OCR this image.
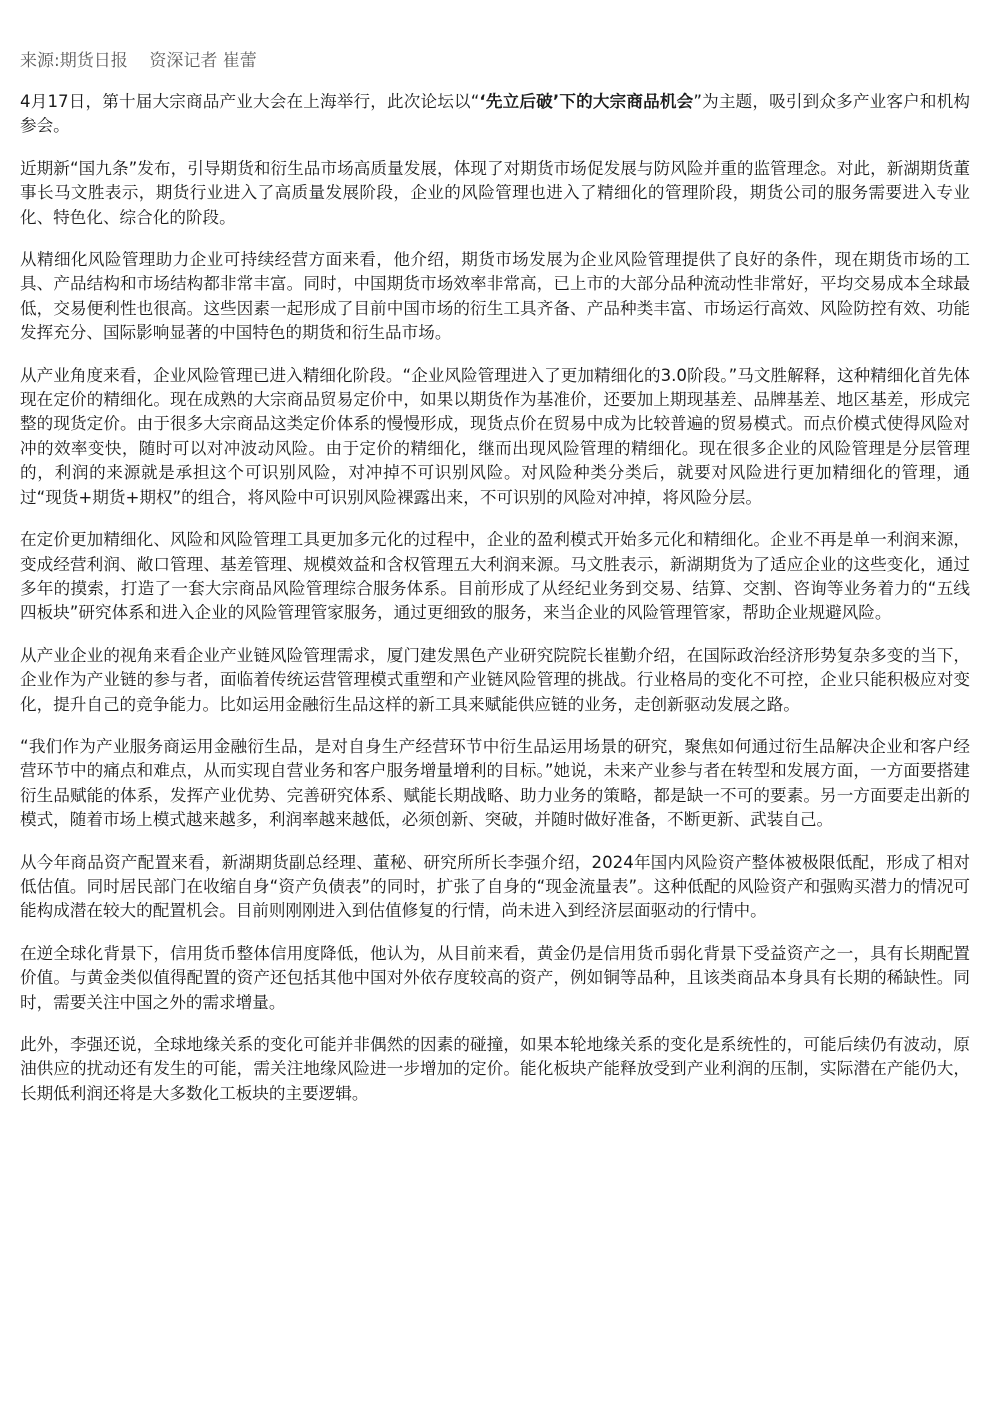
来源:期货日报    资深记者 崔蕾

4月17日，第十届大宗商品产业大会在上海举行，此次论坛以“‘先立后破’下的大宗商品机会”为主题，吸引到众多产业客户和机构参会。

近期新“国九条”发布，引导期货和衍生品市场高质量发展，体现了对期货市场促发展与防风险并重的监管理念。对此，新湖期货董事长马文胜表示，期货行业进入了高质量发展阶段，企业的风险管理也进入了精细化的管理阶段，期货公司的服务需要进入专业化、特色化、综合化的阶段。

从精细化风险管理助力企业可持续经营方面来看，他介绍，期货市场发展为企业风险管理提供了良好的条件，现在期货市场的工具、产品结构和市场结构都非常丰富。同时，中国期货市场效率非常高，已上市的大部分品种流动性非常好，平均交易成本全球最低，交易便利性也很高。这些因素一起形成了目前中国市场的衍生工具齐备、产品种类丰富、市场运行高效、风险防控有效、功能发挥充分、国际影响显著的中国特色的期货和衍生品市场。

从产业角度来看，企业风险管理已进入精细化阶段。“企业风险管理进入了更加精细化的3.0阶段。”马文胜解释，这种精细化首先体现在定价的精细化。现在成熟的大宗商品贸易定价中，如果以期货作为基准价，还要加上期现基差、品牌基差、地区基差，形成完整的现货定价。由于很多大宗商品这类定价体系的慢慢形成，现货点价在贸易中成为比较普遍的贸易模式。而点价模式使得风险对冲的效率变快，随时可以对冲波动风险。由于定价的精细化，继而出现风险管理的精细化。现在很多企业的风险管理是分层管理的，利润的来源就是承担这个可识别风险，对冲掉不可识别风险。对风险种类分类后，就要对风险进行更加精细化的管理，通过“现货+期货+期权”的组合，将风险中可识别风险裸露出来，不可识别的风险对冲掉，将风险分层。

在定价更加精细化、风险和风险管理工具更加多元化的过程中，企业的盈利模式开始多元化和精细化。企业不再是单一利润来源，变成经营利润、敞口管理、基差管理、规模效益和含权管理五大利润来源。马文胜表示，新湖期货为了适应企业的这些变化，通过多年的摸索，打造了一套大宗商品风险管理综合服务体系。目前形成了从经纪业务到交易、结算、交割、咨询等业务着力的“五线四板块”研究体系和进入企业的风险管理管家服务，通过更细致的服务，来当企业的风险管理管家，帮助企业规避风险。

从产业企业的视角来看企业产业链风险管理需求，厦门建发黑色产业研究院院长崔勤介绍，在国际政治经济形势复杂多变的当下，企业作为产业链的参与者，面临着传统运营管理模式重塑和产业链风险管理的挑战。行业格局的变化不可控，企业只能积极应对变化，提升自己的竞争能力。比如运用金融衍生品这样的新工具来赋能供应链的业务，走创新驱动发展之路。

“我们作为产业服务商运用金融衍生品，是对自身生产经营环节中衍生品运用场景的研究，聚焦如何通过衍生品解决企业和客户经营环节中的痛点和难点，从而实现自营业务和客户服务增量增利的目标。”她说，未来产业参与者在转型和发展方面，一方面要搭建衍生品赋能的体系，发挥产业优势、完善研究体系、赋能长期战略、助力业务的策略，都是缺一不可的要素。另一方面要走出新的模式，随着市场上模式越来越多，利润率越来越低，必须创新、突破，并随时做好准备，不断更新、武装自己。

从今年商品资产配置来看，新湖期货副总经理、董秘、研究所所长李强介绍，2024年国内风险资产整体被极限低配，形成了相对低估值。同时居民部门在收缩自身“资产负债表”的同时，扩张了自身的“现金流量表”。这种低配的风险资产和强购买潜力的情况可能构成潜在较大的配置机会。目前则刚刚进入到估值修复的行情，尚未进入到经济层面驱动的行情中。

在逆全球化背景下，信用货币整体信用度降低，他认为，从目前来看，黄金仍是信用货币弱化背景下受益资产之一，具有长期配置价值。与黄金类似值得配置的资产还包括其他中国对外依存度较高的资产，例如铜等品种，且该类商品本身具有长期的稀缺性。同时，需要关注中国之外的需求增量。

此外，李强还说，全球地缘关系的变化可能并非偶然的因素的碰撞，如果本轮地缘关系的变化是系统性的，可能后续仍有波动，原油供应的扰动还有发生的可能，需关注地缘风险进一步增加的定价。能化板块产能释放受到产业利润的压制，实际潜在产能仍大，长期低利润还将是大多数化工板块的主要逻辑。
